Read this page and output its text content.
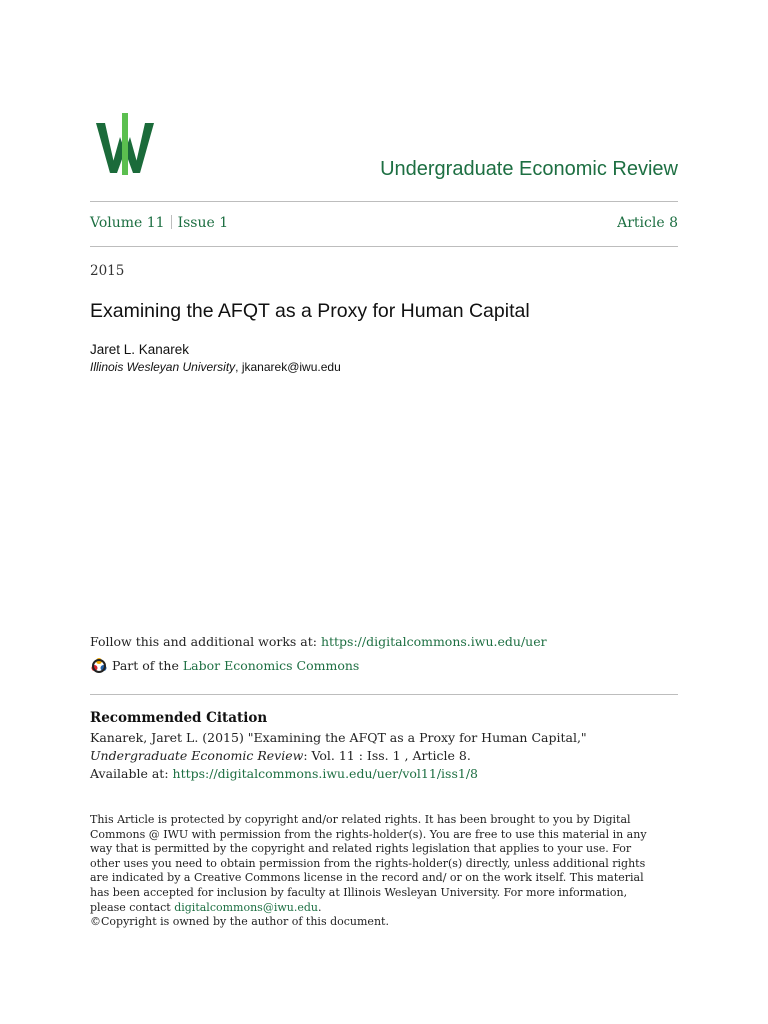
Undergraduate Economic Review
Volume 11 Issue 1	Article 8
2015
Examining the AFQT as a Proxy for Human Capital
Jaret L. Kanarek
Illinois Wesleyan University, jkanarek@iwu.edu
Follow this and additional works at: https://digitalcommons.iwu.edu/uer
Part of the
Labor Economics Commons
Recommended Citation
Kanarek, Jaret L. (2015) "Examining the AFQT as a Proxy for Human Capital,"
Undergraduate Economic Review: Vol. 11 : Iss. 1 , Article 8.
Available at: https://digitalcommons.iwu.edu/uer/vol11/iss1/8
This Article is protected by copyright and/or related rights. It has been brought to you by Digital
Commons @ IWU with permission from the rights-holder(s). You are free to use this material in any
way that is permitted by the copyright and related rights legislation that applies to your use. For
other uses you need to obtain permission from the rights-holder(s) directly, unless additional rights
are indicated by a Creative Commons license in the record and/ or on the work itself. This material
has been accepted for inclusion by faculty at Illinois Wesleyan University. For more information,
please contact digitalcommons@iwu.edu.
©Copyright is owned by the author of this document.
